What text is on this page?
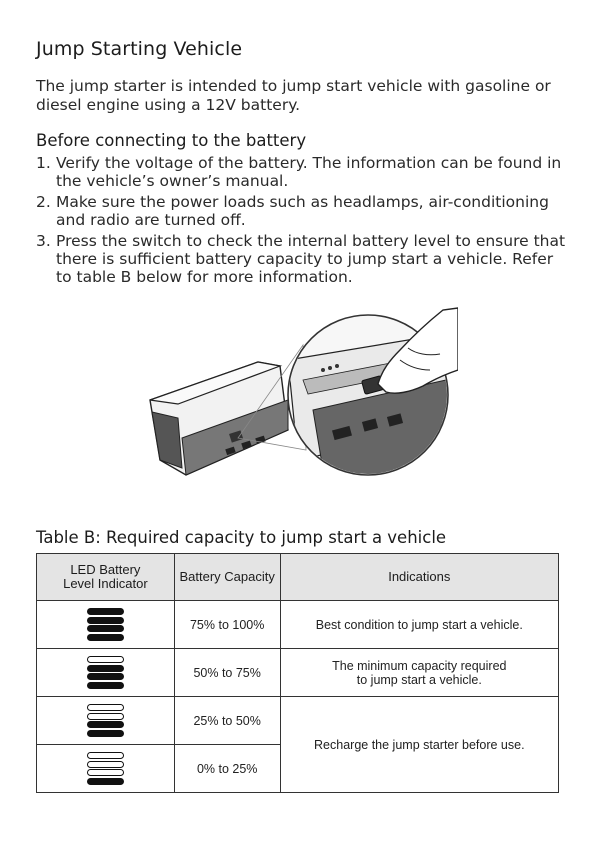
Jump Starting Vehicle
The jump starter is intended to jump start vehicle with gasoline or diesel engine using a 12V battery.
Before connecting to the battery
1. Verify the voltage of the battery. The information can be found in the vehicle’s owner’s manual.
2. Make sure the power loads such as headlamps, air-conditioning and radio are turned off.
3. Press the switch to check the internal battery level to ensure that there is sufficient battery capacity to jump start a vehicle. Refer to table B below for more information.
Table B: Required capacity to jump start a vehicle
LED Battery
Level Indicator	Battery Capacity	Indications

	75% to 100%	Best condition to jump start a vehicle.

	50% to 75%	The minimum capacity required
to jump start a vehicle.

	25% to 50%	Recharge the jump starter before use.

	0% to 25%	
